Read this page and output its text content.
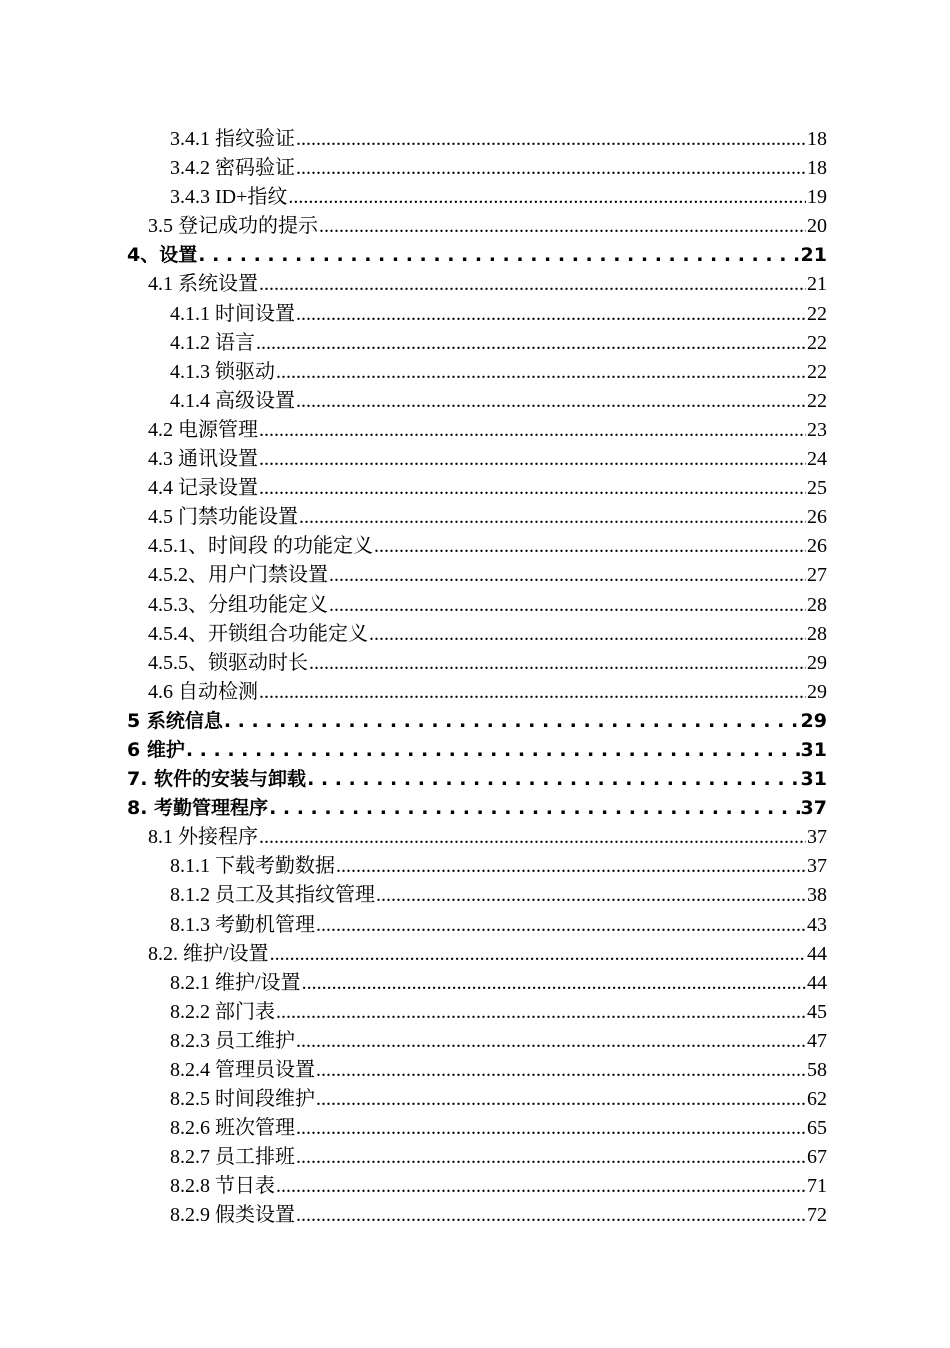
3.4.1 指纹验证 .....	18
3.4.2 密码验证 .....	18
3.4.3 ID+指纹 .....	19
3.5 登记成功的提示 .....	20
4、设置 . . .	21
4.1 系统设置 .....	21
4.1.1 时间设置 .....	22
4.1.2 语言 .....	22
4.1.3 锁驱动 .....	22
4.1.4 高级设置 .....	22
4.2 电源管理 .....	23
4.3 通讯设置 .....	24
4.4 记录设置 .....	25
4.5 门禁功能设置 .....	26
4.5.1、时间段 的功能定义 .....	26
4.5.2、用户门禁设置 .....	27
4.5.3、分组功能定义 .....	28
4.5.4、开锁组合功能定义 .....	28
4.5.5、锁驱动时长 .....	29
4.6 自动检测 .....	29
5 系统信息 . . .	29
6 维护 . . .	31
7. 软件的安装与卸载 . . .	31
8. 考勤管理程序 . . .	37
8.1 外接程序 .....	37
8.1.1 下载考勤数据 .....	37
8.1.2 员工及其指纹管理 .....	38
8.1.3 考勤机管理 .....	43
8.2. 维护/设置 .....	44
8.2.1 维护/设置 .....	44
8.2.2 部门表 .....	45
8.2.3 员工维护 .....	47
8.2.4 管理员设置 .....	58
8.2.5 时间段维护 .....	62
8.2.6 班次管理 .....	65
8.2.7 员工排班 .....	67
8.2.8 节日表 .....	71
8.2.9 假类设置 .....	72
